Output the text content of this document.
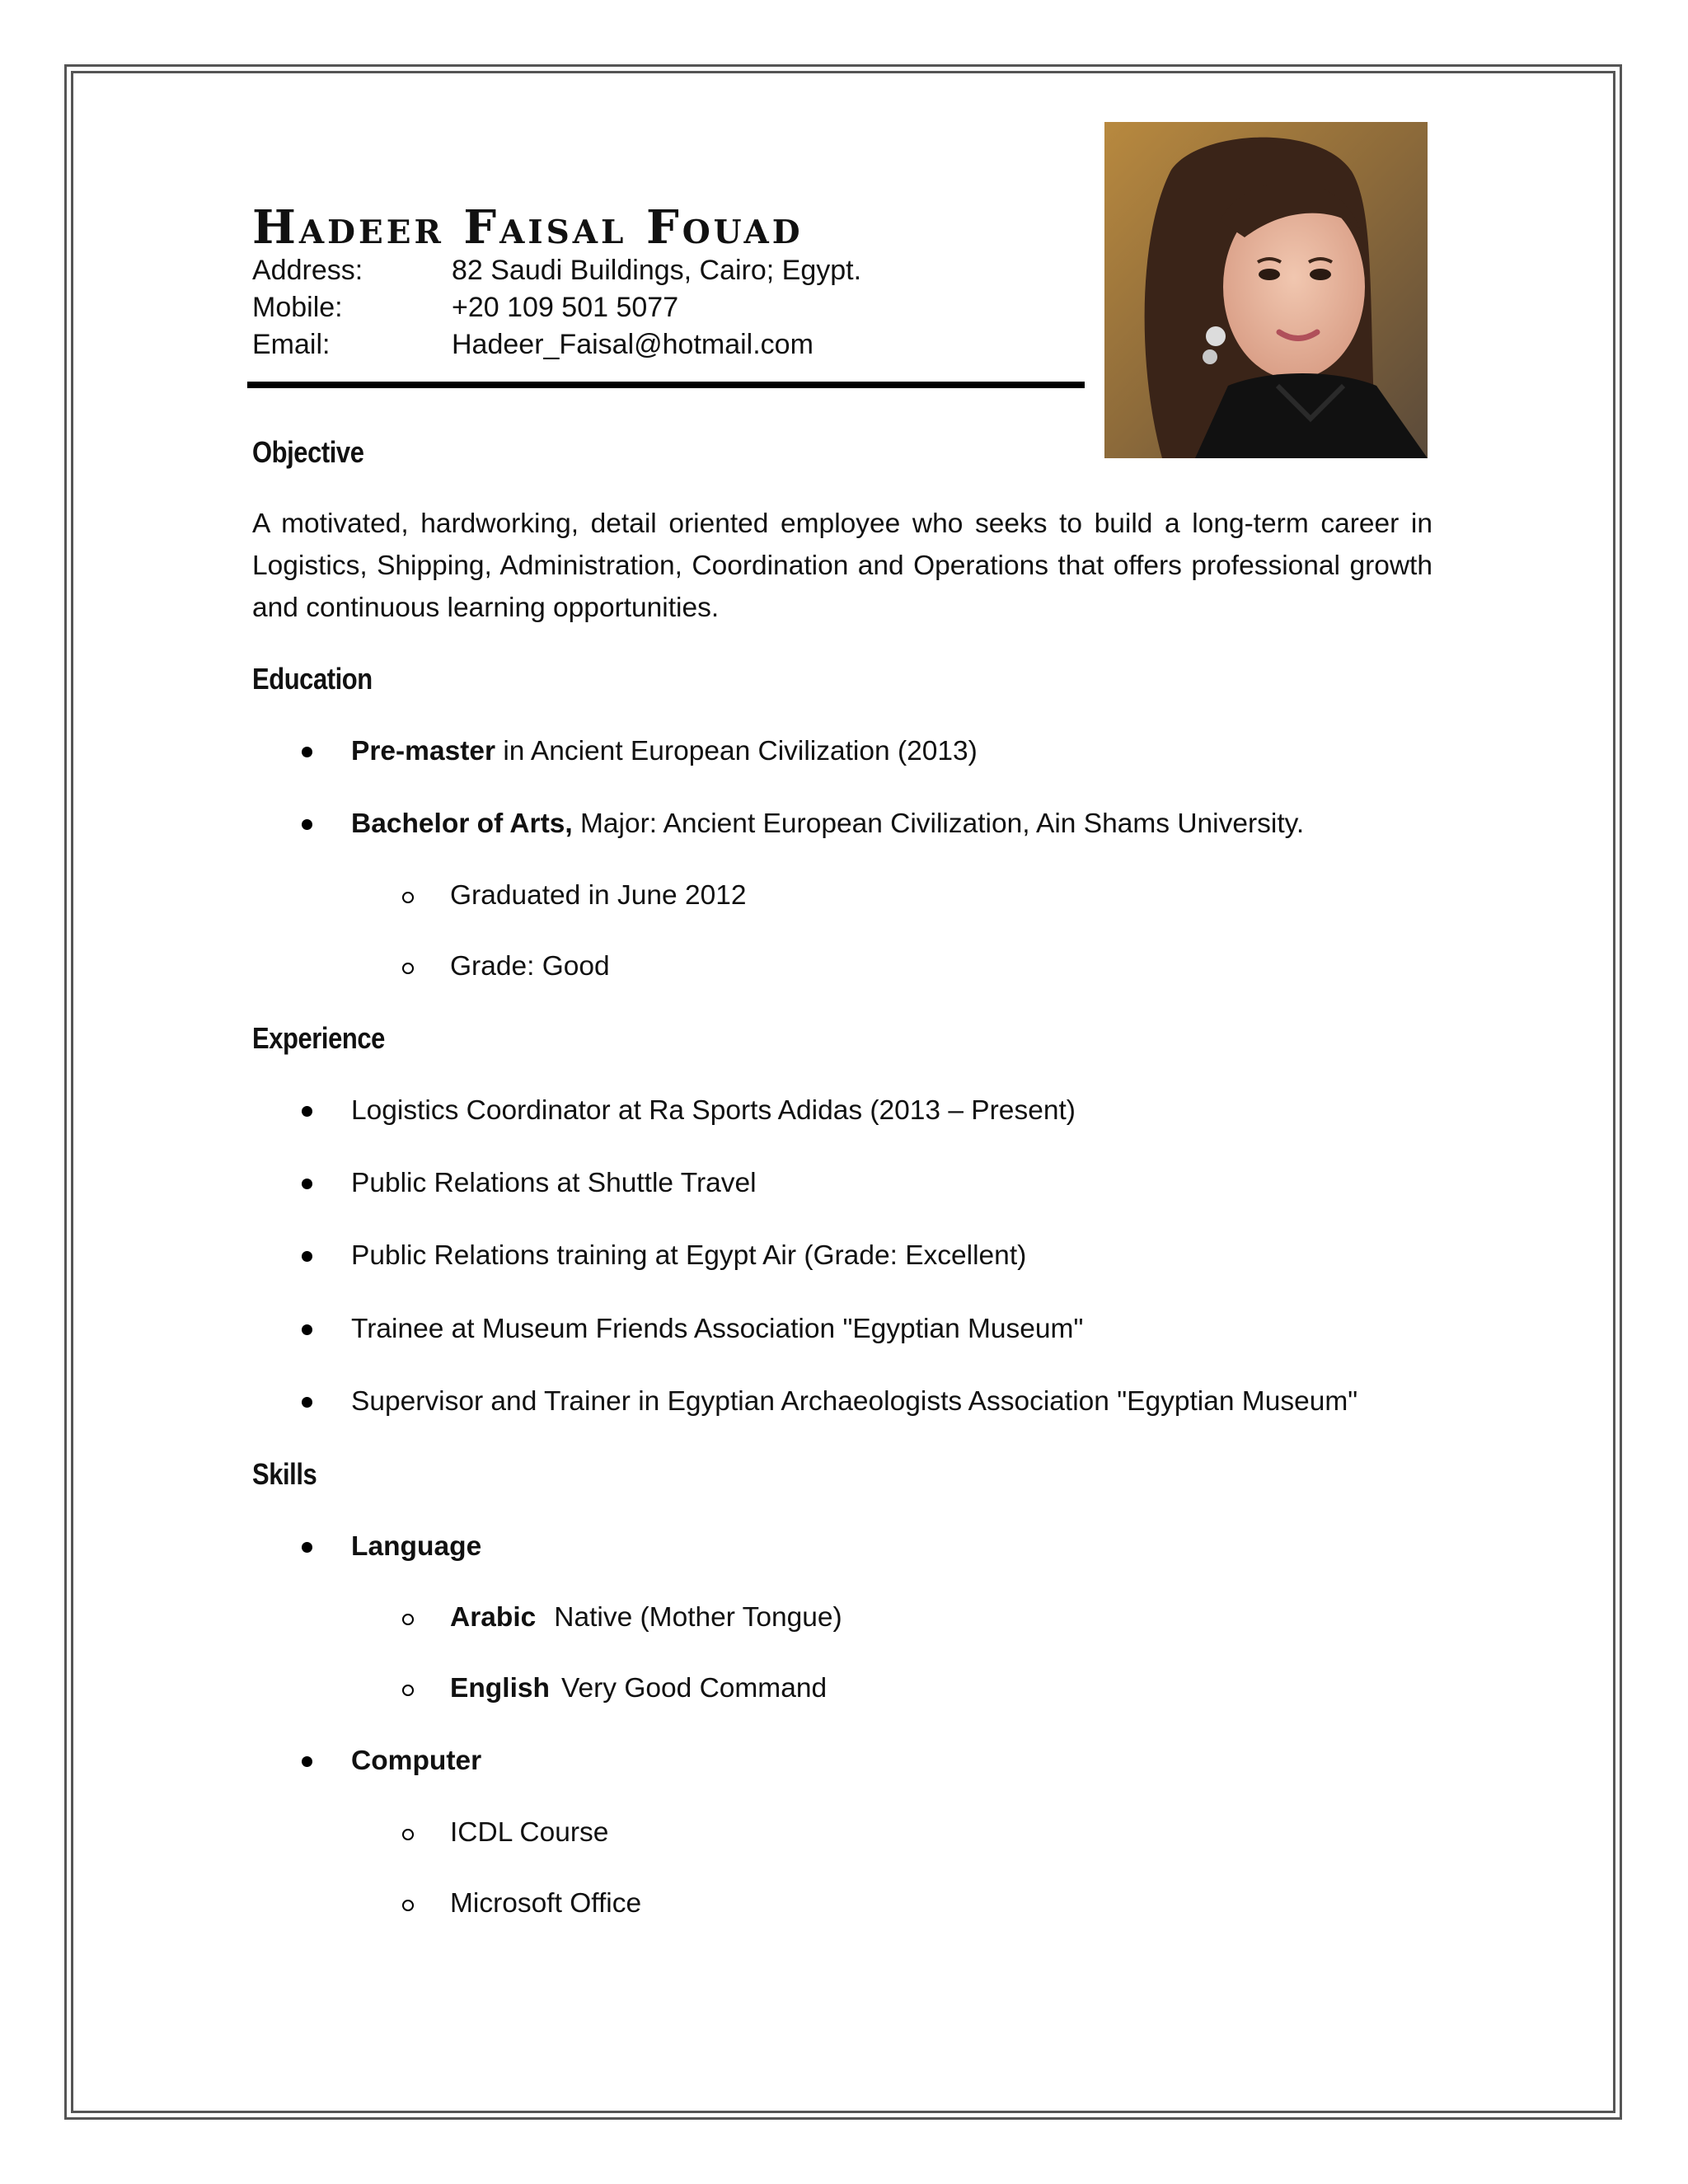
Hadeer Faisal Fouad
Address:	82 Saudi Buildings, Cairo; Egypt.
Mobile:	+20 109 501 5077
Email:	Hadeer_Faisal@hotmail.com
Objective
A motivated, hardworking, detail oriented employee who seeks to build a long-term career in Logistics, Shipping, Administration, Coordination and Operations that offers professional growth and continuous learning opportunities.
Education
Pre-master in Ancient European Civilization (2013)
Bachelor of Arts, Major: Ancient European Civilization, Ain Shams University.
Graduated in June 2012
Grade: Good
Experience
Logistics Coordinator at Ra Sports Adidas (2013 – Present)
Public Relations at Shuttle Travel
Public Relations training at Egypt Air (Grade: Excellent)
Trainee at Museum Friends Association "Egyptian Museum"
Supervisor and Trainer in Egyptian Archaeologists Association "Egyptian Museum"
Skills
Language
Arabic Native (Mother Tongue)
English Very Good Command
Computer
ICDL Course
Microsoft Office
